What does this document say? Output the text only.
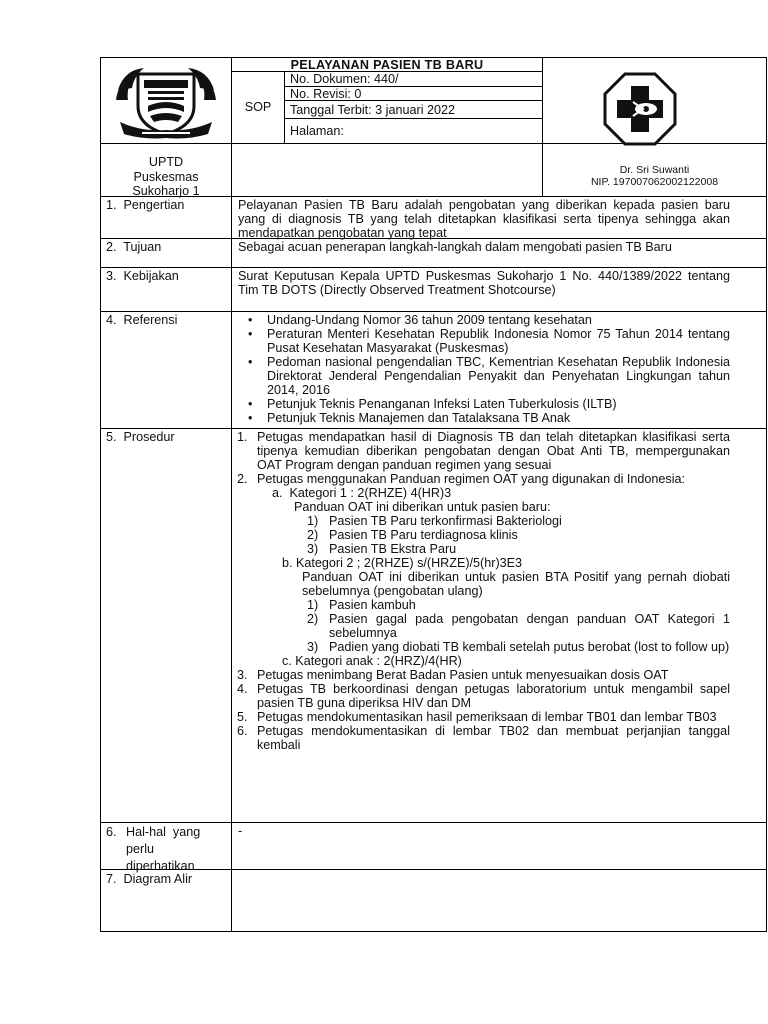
PELAYANAN PASIEN TB BARU
SOP
No. Dokumen: 440/
No. Revisi: 0
Tanggal Terbit: 3 januari 2022
Halaman:
UPTD
Puskesmas
Sukoharjo 1
Dr. Sri Suwanti
NIP. 197007062002122008
1.  Pengertian	Pelayanan Pasien TB Baru adalah pengobatan yang diberikan kepada pasien baru yang di diagnosis TB yang telah ditetapkan klasifikasi serta tipenya sehingga akan mendapatkan pengobatan yang tepat
2.  Tujuan	Sebagai acuan penerapan langkah-langkah dalam mengobati pasien TB Baru
3.  Kebijakan	Surat Keputusan Kepala UPTD Puskesmas Sukoharjo 1 No. 440/1389/2022 tentang Tim TB DOTS (Directly Observed Treatment Shotcourse)
4.  Referensi
•	Undang-Undang Nomor 36 tahun 2009 tentang kesehatan
• Peraturan Menteri Kesehatan Republik Indonesia Nomor 75 Tahun 2014 tentang Pusat Kesehatan Masyarakat (Puskesmas)
• Pedoman nasional pengendalian TBC, Kementrian Kesehatan Republik Indonesia Direktorat Jenderal Pengendalian Penyakit dan Penyehatan Lingkungan tahun 2014, 2016
• Petunjuk Teknis Penanganan Infeksi Laten Tuberkulosis (ILTB)
• Petunjuk Teknis Manajemen dan Tatalaksana TB Anak
5.  Prosedur	1. Petugas mendapatkan hasil di Diagnosis TB dan telah ditetapkan klasifikasi serta tipenya kemudian diberikan pengobatan dengan Obat Anti TB, mempergunakan OAT Program dengan panduan regimen yang sesuai
2. Petugas menggunakan Panduan regimen OAT yang digunakan di Indonesia:
a.  Kategori 1 : 2(RHZE) 4(HR)3
Panduan OAT ini diberikan untuk pasien baru:
1) Pasien TB Paru terkonfirmasi Bakteriologi
2) Pasien TB Paru terdiagnosa klinis
3) Pasien TB Ekstra Paru
b. Kategori 2 ; 2(RHZE) s/(HRZE)/5(hr)3E3
Panduan OAT ini diberikan untuk pasien BTA Positif yang pernah diobati sebelumnya (pengobatan ulang)
1) Pasien kambuh
2) Pasien gagal pada pengobatan dengan panduan OAT Kategori 1 sebelumnya
3) Padien yang diobati TB kembali setelah putus berobat (lost to follow up)
c. Kategori anak : 2(HRZ)/4(HR)
3. Petugas menimbang Berat Badan Pasien untuk menyesuaikan dosis OAT
4. Petugas TB berkoordinasi dengan petugas laboratorium untuk mengambil sapel pasien TB guna diperiksa HIV dan DM
5. Petugas mendokumentasikan hasil pemeriksaan di lembar TB01 dan lembar TB03
6. Petugas mendokumentasikan di lembar TB02 dan membuat perjanjian tanggal kembali
6. Hal-hal  yang
perlu
diperhatikan
-
7.  Diagram Alir
